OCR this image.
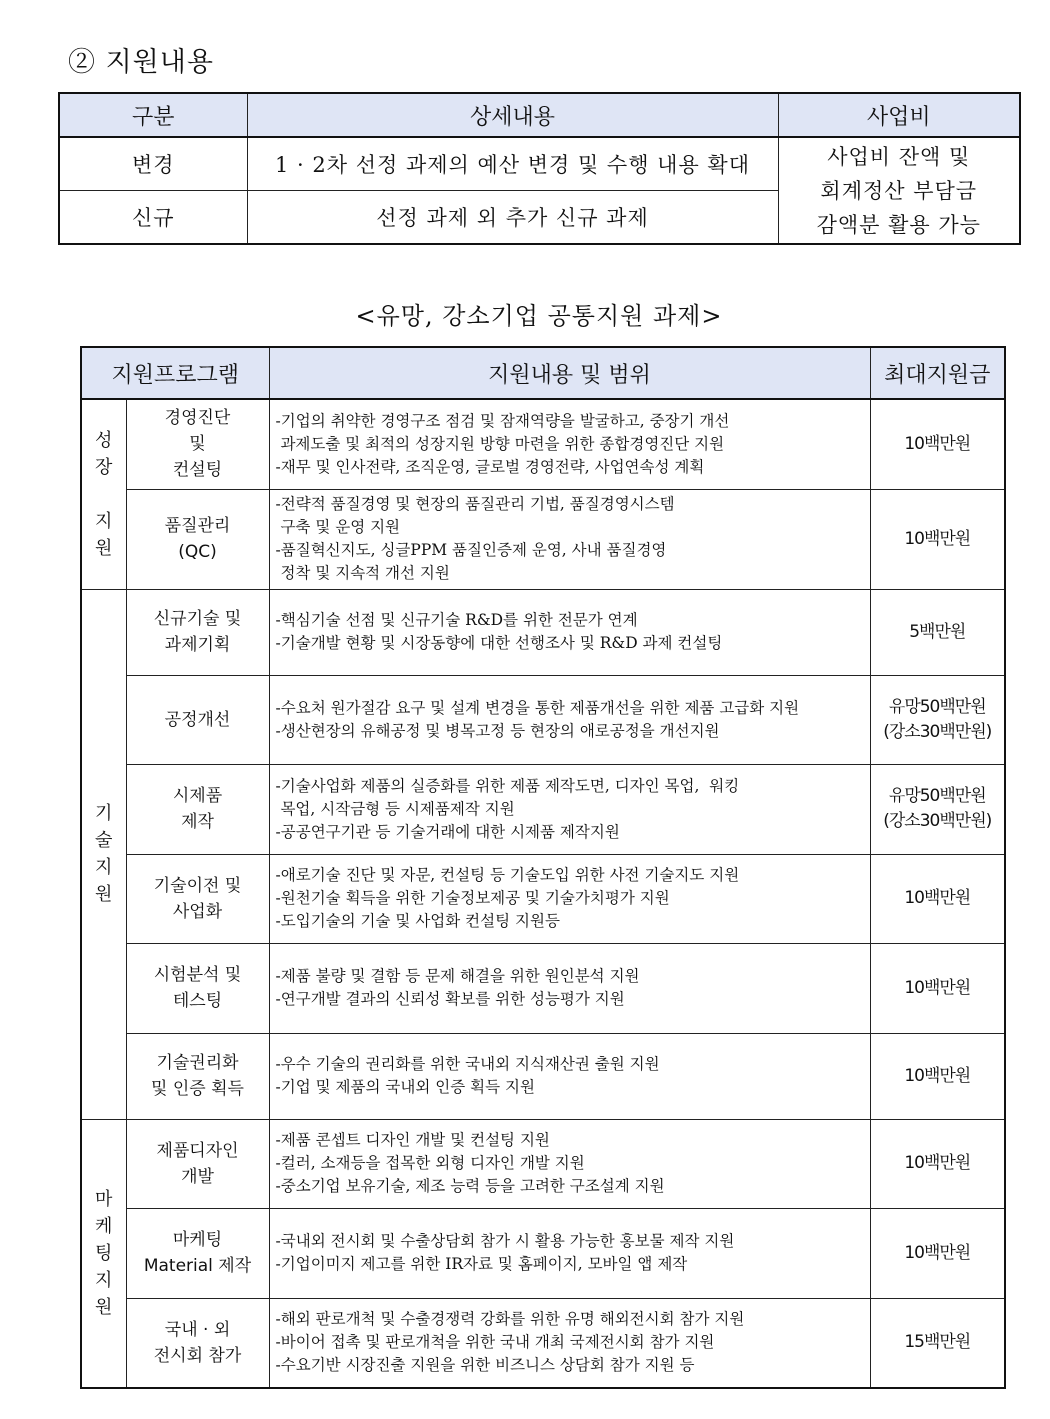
② 지원내용
구분	상세내용	사업비
변경	1 · 2차 선정 과제의 예산 변경 및 수행 내용 확대	사업비 잔액 및
회계정산 부담금
감액분 활용 가능

신규	선정 과제 외 추가 신규 과제	
<유망, 강소기업 공통지원 과제>
지원프로그램		지원내용 및 범위	최대지원금

성
장
지
원	경영진단
및
컨설팅	-기업의 취약한 경영구조 점검 및 잠재역량을 발굴하고, 중장기 개선
과제도출 및 최적의 성장지원 방향 마련을 위한 종합경영진단 지원
-재무 및 인사전략, 조직운영, 글로벌 경영전략, 사업연속성 계획	10백만원

	품질관리
(QC)	-전략적 품질경영 및 현장의 품질관리 기법, 품질경영시스템
구축 및 운영 지원
-품질혁신지도, 싱글PPM 품질인증제 운영, 사내 품질경영
정착 및 지속적 개선 지원	10백만원

기
술
지
원	신규기술 및
과제기획	-핵심기술 선점 및 신규기술 R&D를 위한 전문가 연계
-기술개발 현황 및 시장동향에 대한 선행조사 및 R&D 과제 컨설팅	5백만원

	공정개선	-수요처 원가절감 요구 및 설계 변경을 통한 제품개선을 위한 제품 고급화 지원
-생산현장의 유해공정 및 병목고정 등 현장의 애로공정을 개선지원	유망50백만원
(강소30백만원)

	시제품
제작	-기술사업화 제품의 실증화를 위한 제품 제작도면, 디자인 목업,  워킹
목업, 시작금형 등 시제품제작 지원
-공공연구기관 등 기술거래에 대한 시제품 제작지원	유망50백만원
(강소30백만원)

	기술이전 및
사업화	-애로기술 진단 및 자문, 컨설팅 등 기술도입 위한 사전 기술지도 지원
-원천기술 획득을 위한 기술정보제공 및 기술가치평가 지원
-도입기술의 기술 및 사업화 컨설팅 지원등	10백만원

	시험분석 및
테스팅	-제품 불량 및 결함 등 문제 해결을 위한 원인분석 지원
-연구개발 결과의 신뢰성 확보를 위한 성능평가 지원	10백만원

	기술권리화
및 인증 획득	-우수 기술의 권리화를 위한 국내외 지식재산권 출원 지원
-기업 및 제품의 국내외 인증 획득 지원	10백만원

마
케
팅
지
원	제품디자인
개발	-제품 콘셉트 디자인 개발 및 컨설팅 지원
-컬러, 소재등을 접목한 외형 디자인 개발 지원
-중소기업 보유기술, 제조 능력 등을 고려한 구조설계 지원	10백만원

	마케팅
Material 제작	-국내외 전시회 및 수출상담회 참가 시 활용 가능한 홍보물 제작 지원
-기업이미지 제고를 위한 IR자료 및 홈페이지, 모바일 앱 제작	10백만원

	국내 · 외
전시회 참가	-해외 판로개척 및 수출경쟁력 강화를 위한 유명 해외전시회 참가 지원
-바이어 접촉 및 판로개척을 위한 국내 개최 국제전시회 참가 지원
-수요기반 시장진출 지원을 위한 비즈니스 상담회 참가 지원 등	15백만원
